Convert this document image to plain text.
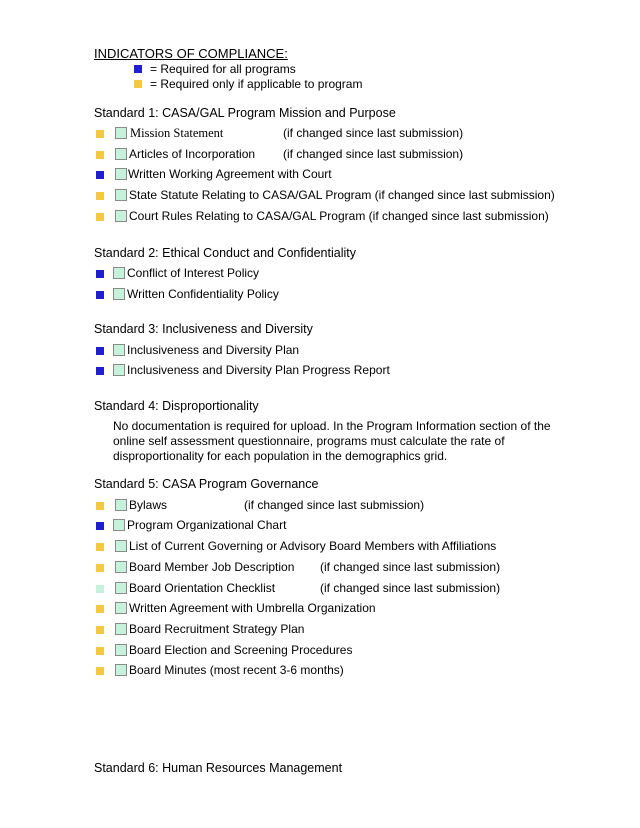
INDICATORS OF COMPLIANCE:
= Required for all programs
= Required only if applicable to program
Standard 1: CASA/GAL Program Mission and Purpose
Mission Statement	(if changed since last submission)
Articles of Incorporation (if changed since last submission)
Written Working Agreement with Court
State Statute Relating to CASA/GAL Program (if changed since last submission)
Court Rules Relating to CASA/GAL Program (if changed since last submission)
Standard 2: Ethical Conduct and Confidentiality
Conflict of Interest Policy
Written Confidentiality Policy
Standard 3: Inclusiveness and Diversity
Inclusiveness and Diversity Plan
Inclusiveness and Diversity Plan Progress Report
Standard 4: Disproportionality
No documentation is required for upload. In the Program Information section of the
online self assessment questionnaire, programs must calculate the rate of
disproportionality for each population in the demographics grid.
Standard 5: CASA Program Governance
Bylaws	(if changed since last submission)
Program Organizational Chart
List of Current Governing or Advisory Board Members with Affiliations
Board Member Job Description (if changed since last submission)
Board Orientation Checklist	(if changed since last submission)
Written Agreement with Umbrella Organization
Board Recruitment Strategy Plan
Board Election and Screening Procedures
Board Minutes (most recent 3-6 months)
Standard 6: Human Resources Management
